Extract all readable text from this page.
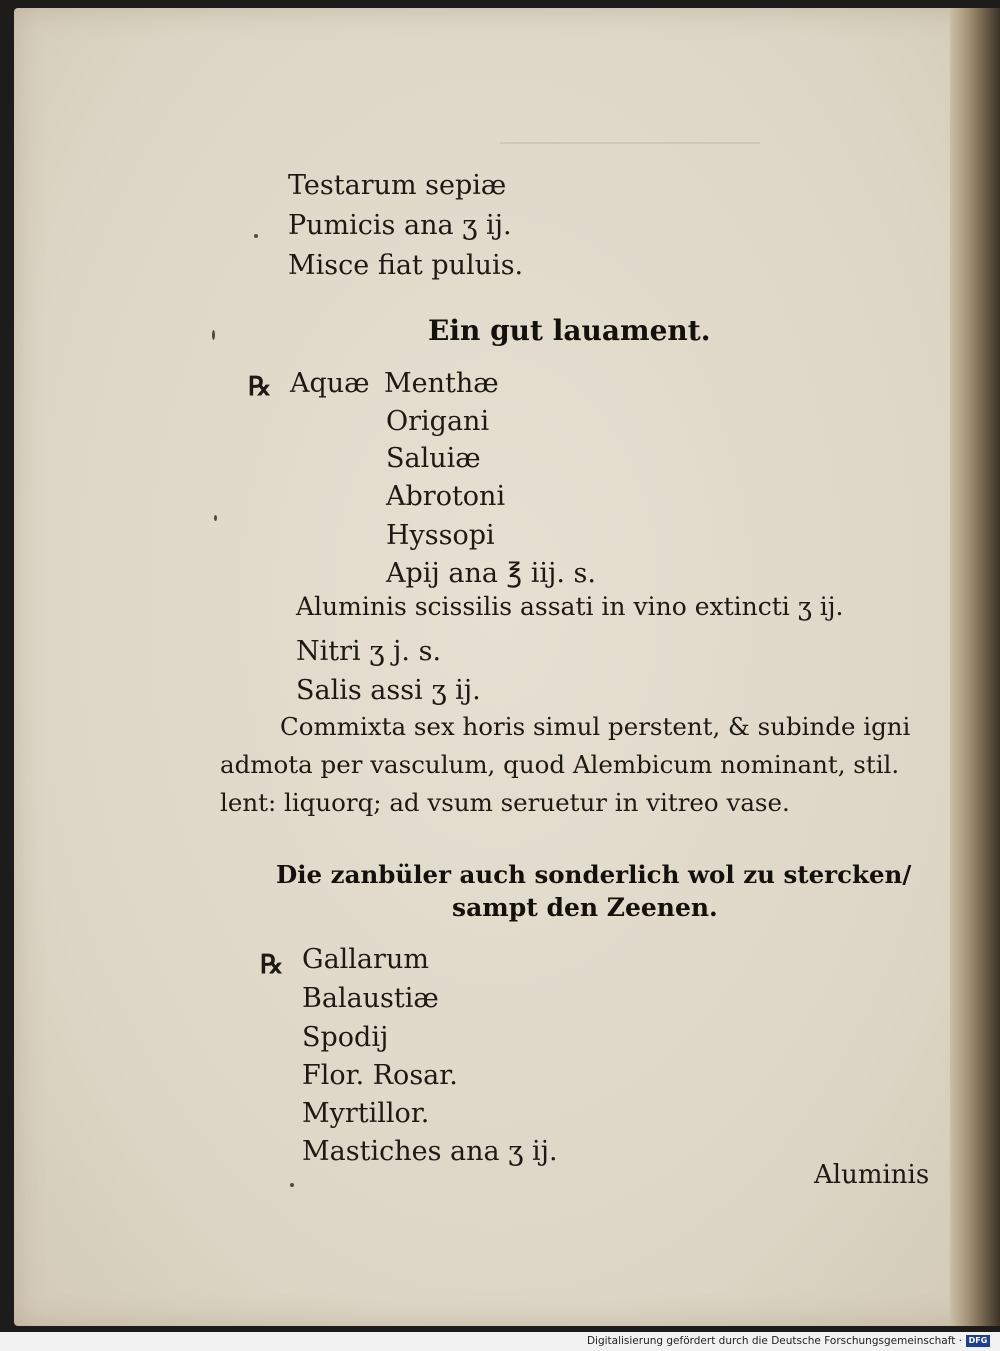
Testarum sepiæ
Pumicis ana ʒ ij.
Misce fiat puluis.
Ein gut lauament.
℞ Aquæ Menthæ
Origani
Saluiæ
Abrotoni
Hyssopi
Apij ana ℥ iij. s.
Aluminis scissilis assati in vino extincti ʒ ij.
Nitri ʒ j. s.
Salis assi ʒ ij.
Commixta sex horis simul perstent, & subinde igni
admota per vasculum, quod Alembicum nominant, stil.
lent: liquorq; ad vsum seruetur in vitreo vase.
Die zanbüler auch sonderlich wol zu stercken/
sampt den Zeenen.
℞ Gallarum
Balaustiæ
Spodij
Flor. Rosar.
Myrtillor.
Mastiches ana ʒ ij.
Aluminis
Digitalisierung gefördert durch die Deutsche Forschungsgemeinschaft · DFG
